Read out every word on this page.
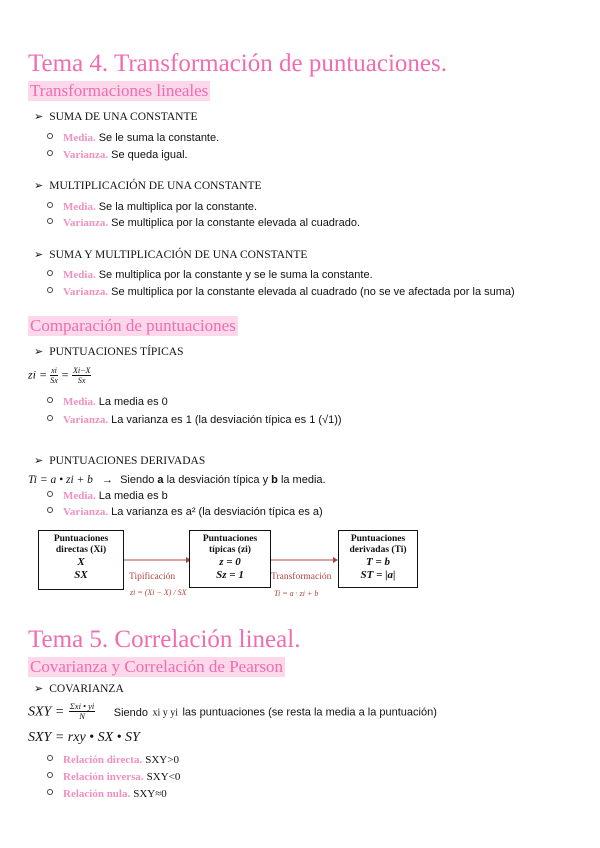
Tema 4. Transformación de puntuaciones.
Transformaciones lineales
➢ SUMA DE UNA CONSTANTE
Media. Se le suma la constante.
Varianza. Se queda igual.
➢ MULTIPLICACIÓN DE UNA CONSTANTE
Media. Se la multiplica por la constante.
Varianza. Se multiplica por la constante elevada al cuadrado.
➢ SUMA Y MULTIPLICACIÓN DE UNA CONSTANTE
Media. Se multiplica por la constante y se le suma la constante.
Varianza. Se multiplica por la constante elevada al cuadrado (no se ve afectada por la suma)
Comparación de puntuaciones
➢ PUNTUACIONES TÍPICAS
zi = $\frac{xi}{Sx} = \frac{Xi-X}{Sx}$
Media. La media es 0
Varianza. La varianza es 1 (la desviación típica es 1 (√1))
➢ PUNTUACIONES DERIVADAS
Ti = a • zi + b → Siendo a la desviación típica y b la media.
Media. La media es b
Varianza. La varianza es a² (la desviación típica es a)
Puntuaciones
directas (Xi)
X
SX
Puntuaciones
típicas (zi)
z = 0
Sz = 1
Puntuaciones
derivadas (Ti)
T = b
ST = |a|
Tipificación
zi = (Xi − X) / SX
Transformación
Ti = a · zi + b
Tema 5. Correlación lineal.
Covarianza y Correlación de Pearson
➢ COVARIANZA
SXY = $\frac{\text{Σxi • yi}}{N}$ Siendo xi y yi las puntuaciones (se resta la media a la puntuación)
SXY = rxy • SX • SY
Relación directa. SXY>0
Relación inversa. SXY<0
Relación nula. SXY≈0
